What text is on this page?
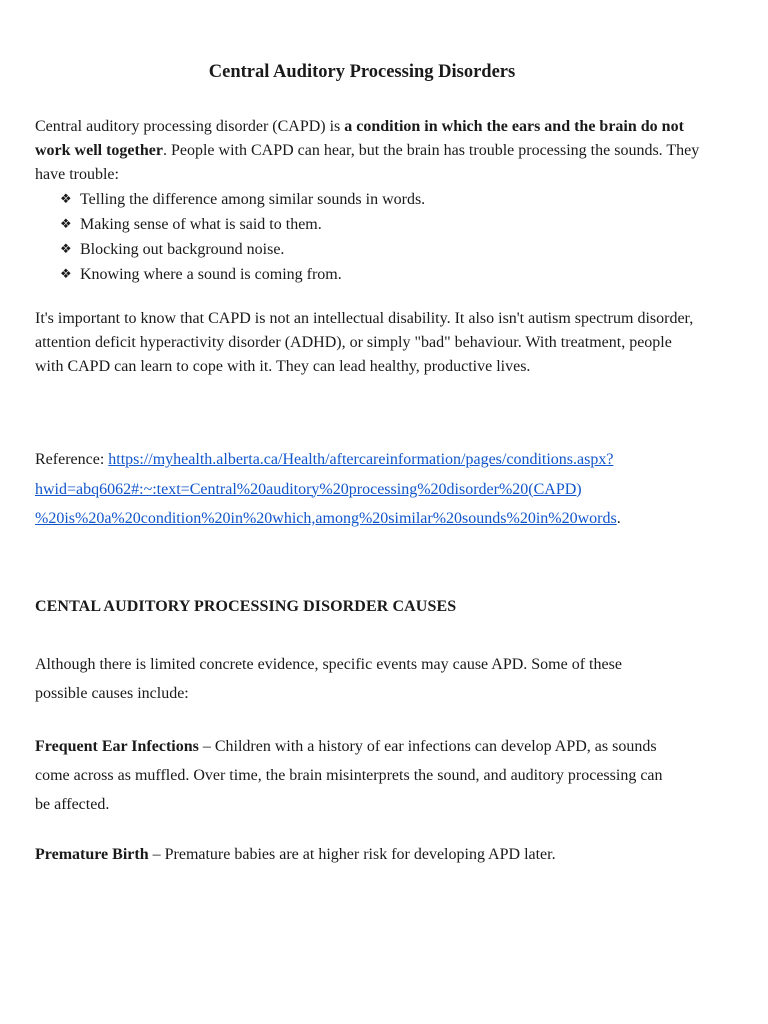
Central Auditory Processing Disorders

Central auditory processing disorder (CAPD) is a condition in which the ears and the brain do not work well together. People with CAPD can hear, but the brain has trouble processing the sounds. They have trouble:

❖ Telling the difference among similar sounds in words.
❖ Making sense of what is said to them.
❖ Blocking out background noise.
❖ Knowing where a sound is coming from.

It's important to know that CAPD is not an intellectual disability. It also isn't autism spectrum disorder, attention deficit hyperactivity disorder (ADHD), or simply "bad" behaviour. With treatment, people with CAPD can learn to cope with it. They can lead healthy, productive lives.

Reference: https://myhealth.alberta.ca/Health/aftercareinformation/pages/conditions.aspx?
hwid=abq6062#:~:text=Central%20auditory%20processing%20disorder%20(CAPD)
%20is%20a%20condition%20in%20which,among%20similar%20sounds%20in%20words.

CENTAL AUDITORY PROCESSING DISORDER CAUSES

Although there is limited concrete evidence, specific events may cause APD. Some of these possible causes include:

Frequent Ear Infections – Children with a history of ear infections can develop APD, as sounds come across as muffled. Over time, the brain misinterprets the sound, and auditory processing can be affected.

Premature Birth – Premature babies are at higher risk for developing APD later.
